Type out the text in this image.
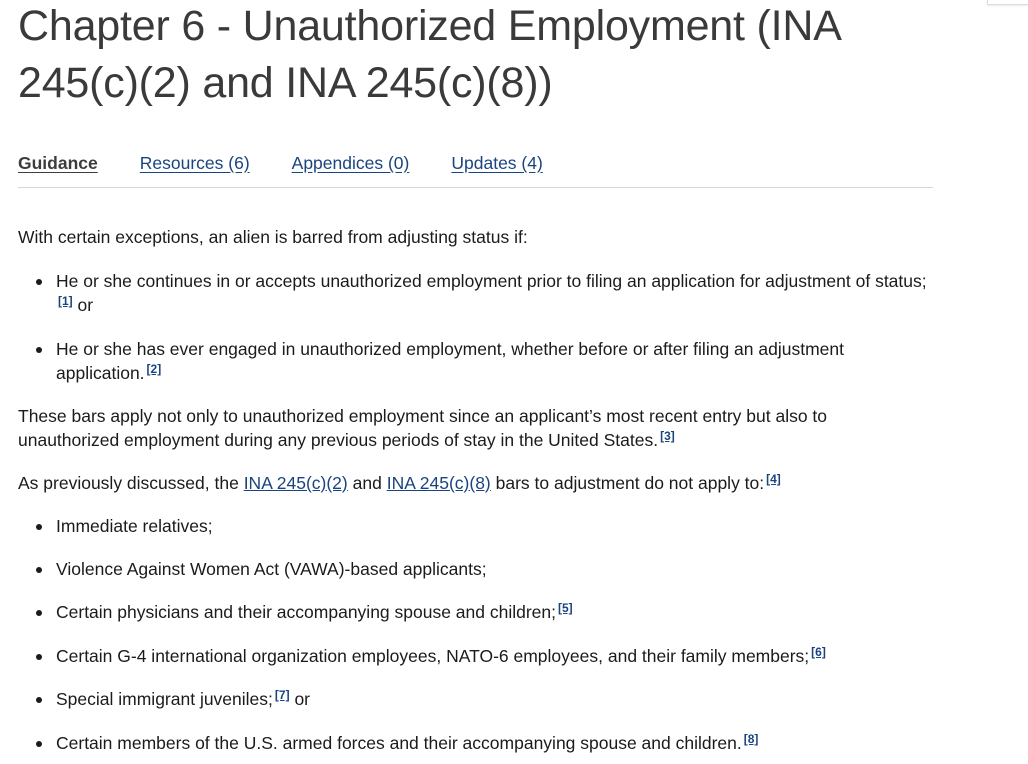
Chapter 6 - Unauthorized Employment (INA 245(c)(2) and INA 245(c)(8))
Guidance Resources (6) Appendices (0) Updates (4)

With certain exceptions, an alien is barred from adjusting status if:

He or she continues in or accepts unauthorized employment prior to filing an application for adjustment of status;[1] or
He or she has ever engaged in unauthorized employment, whether before or after filing an adjustment application. [2]

These bars apply not only to unauthorized employment since an applicant’s most recent entry but also to unauthorized employment during any previous periods of stay in the United States. [3]

As previously discussed, the INA 245(c)(2) and INA 245(c)(8) bars to adjustment do not apply to: [4]

Immediate relatives;
Violence Against Women Act (VAWA)-based applicants;
Certain physicians and their accompanying spouse and children; [5]
Certain G-4 international organization employees, NATO-6 employees, and their family members; [6]
Special immigrant juveniles; [7] or
Certain members of the U.S. armed forces and their accompanying spouse and children. [8]
